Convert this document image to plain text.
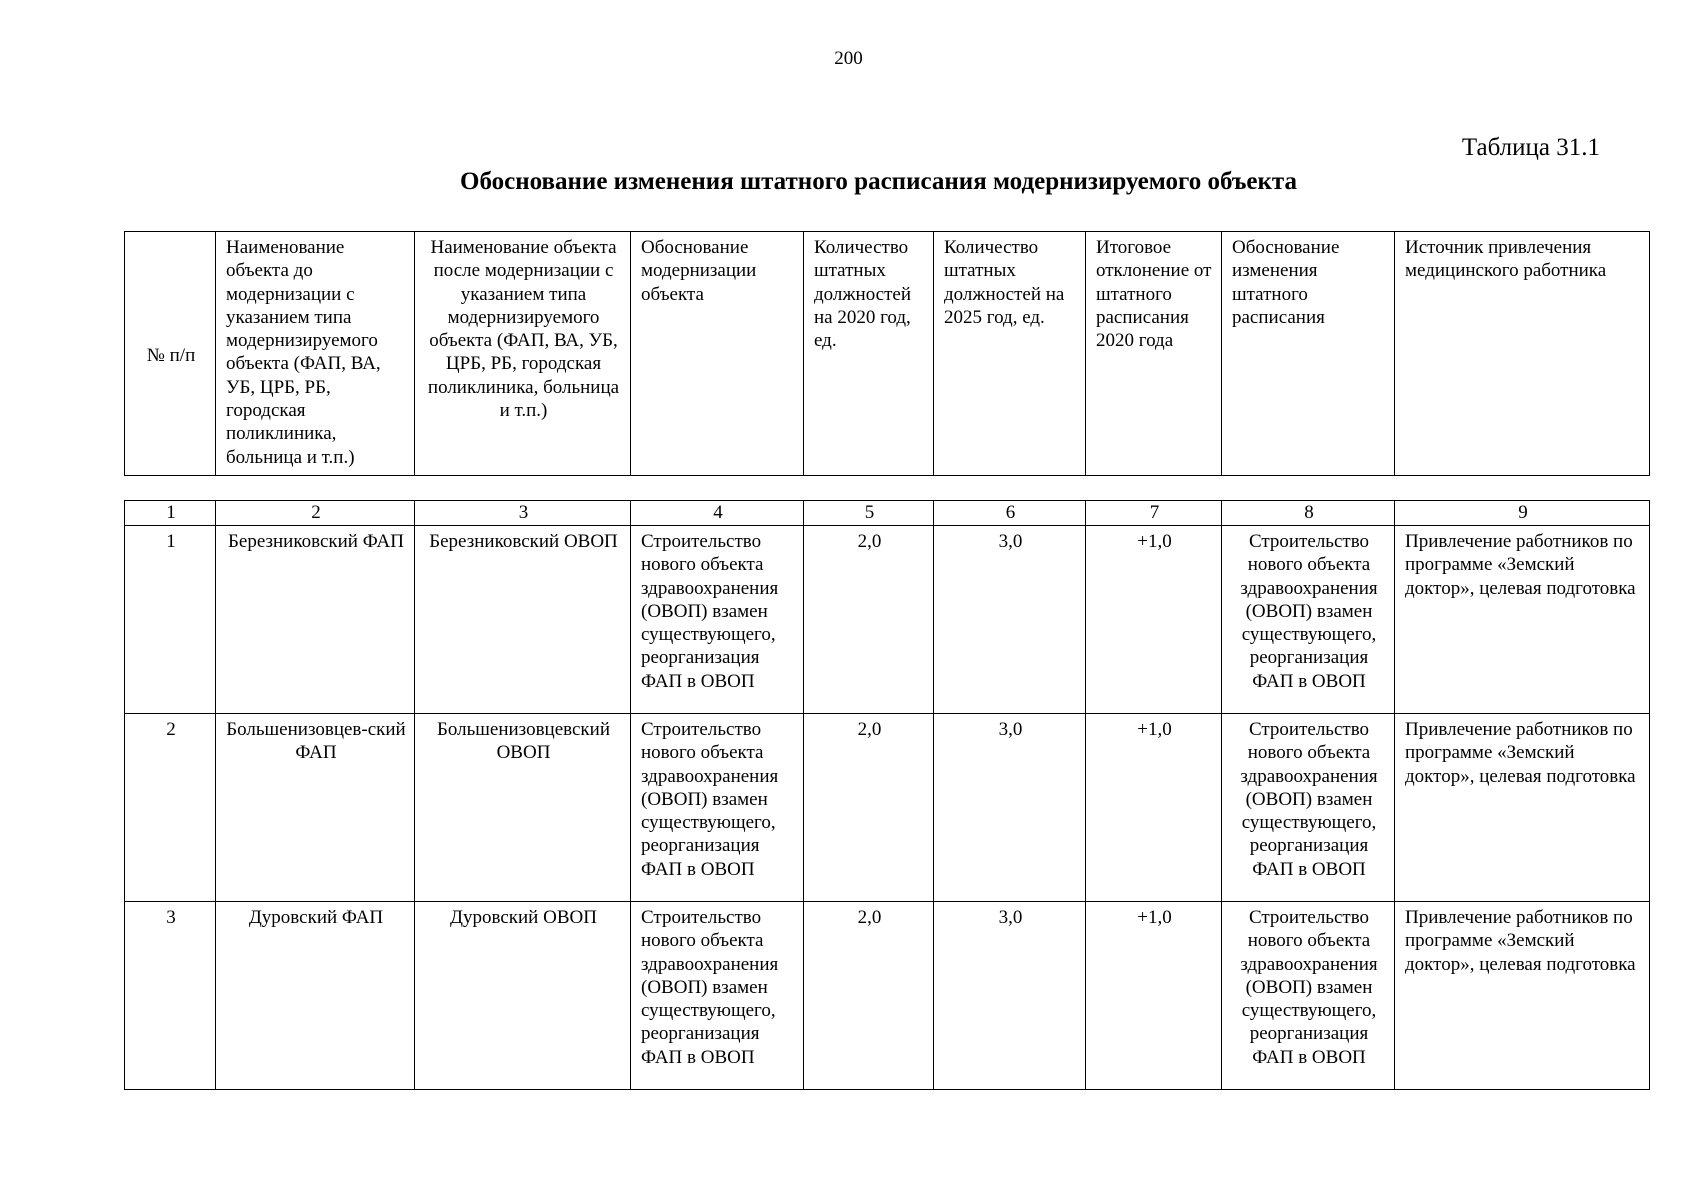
200
Таблица 31.1
Обоснование изменения штатного расписания модернизируемого объекта
№ п/п	Наименование объекта до модернизации с указанием типа модернизируемого объекта (ФАП, ВА, УБ, ЦРБ, РБ, городская поликлиника, больница и т.п.)	Наименование объекта после модернизации с указанием типа модернизируемого объекта (ФАП, ВА, УБ, ЦРБ, РБ, городская поликлиника, больница и т.п.)	Обоснование модернизации объекта	Количество штатных должностей на 2020 год, ед.	Количество штатных должностей на 2025 год, ед.	Итоговое отклонение от штатного расписания 2020 года	Обоснование изменения штатного расписания	Источник привлечения медицинского работника
1	2	3	4	5	6	7	8	9
1	Березниковский ФАП	Березниковский ОВОП	Строительство нового объекта здравоохранения (ОВОП) взамен существующего, реорганизация ФАП в ОВОП	2,0	3,0	+1,0	Строительство нового объекта здравоохранения (ОВОП) взамен существующего, реорганизация ФАП в ОВОП	Привлечение работников по программе «Земский доктор», целевая подготовка
2	Большенизовцев-ский ФАП	Большенизовцевский ОВОП	Строительство нового объекта здравоохранения (ОВОП) взамен существующего, реорганизация ФАП в ОВОП	2,0	3,0	+1,0	Строительство нового объекта здравоохранения (ОВОП) взамен существующего, реорганизация ФАП в ОВОП	Привлечение работников по программе «Земский доктор», целевая подготовка
3	Дуровский ФАП	Дуровский ОВОП	Строительство нового объекта здравоохранения (ОВОП) взамен существующего, реорганизация ФАП в ОВОП	2,0	3,0	+1,0	Строительство нового объекта здравоохранения (ОВОП) взамен существующего, реорганизация ФАП в ОВОП	Привлечение работников по программе «Земский доктор», целевая подготовка
